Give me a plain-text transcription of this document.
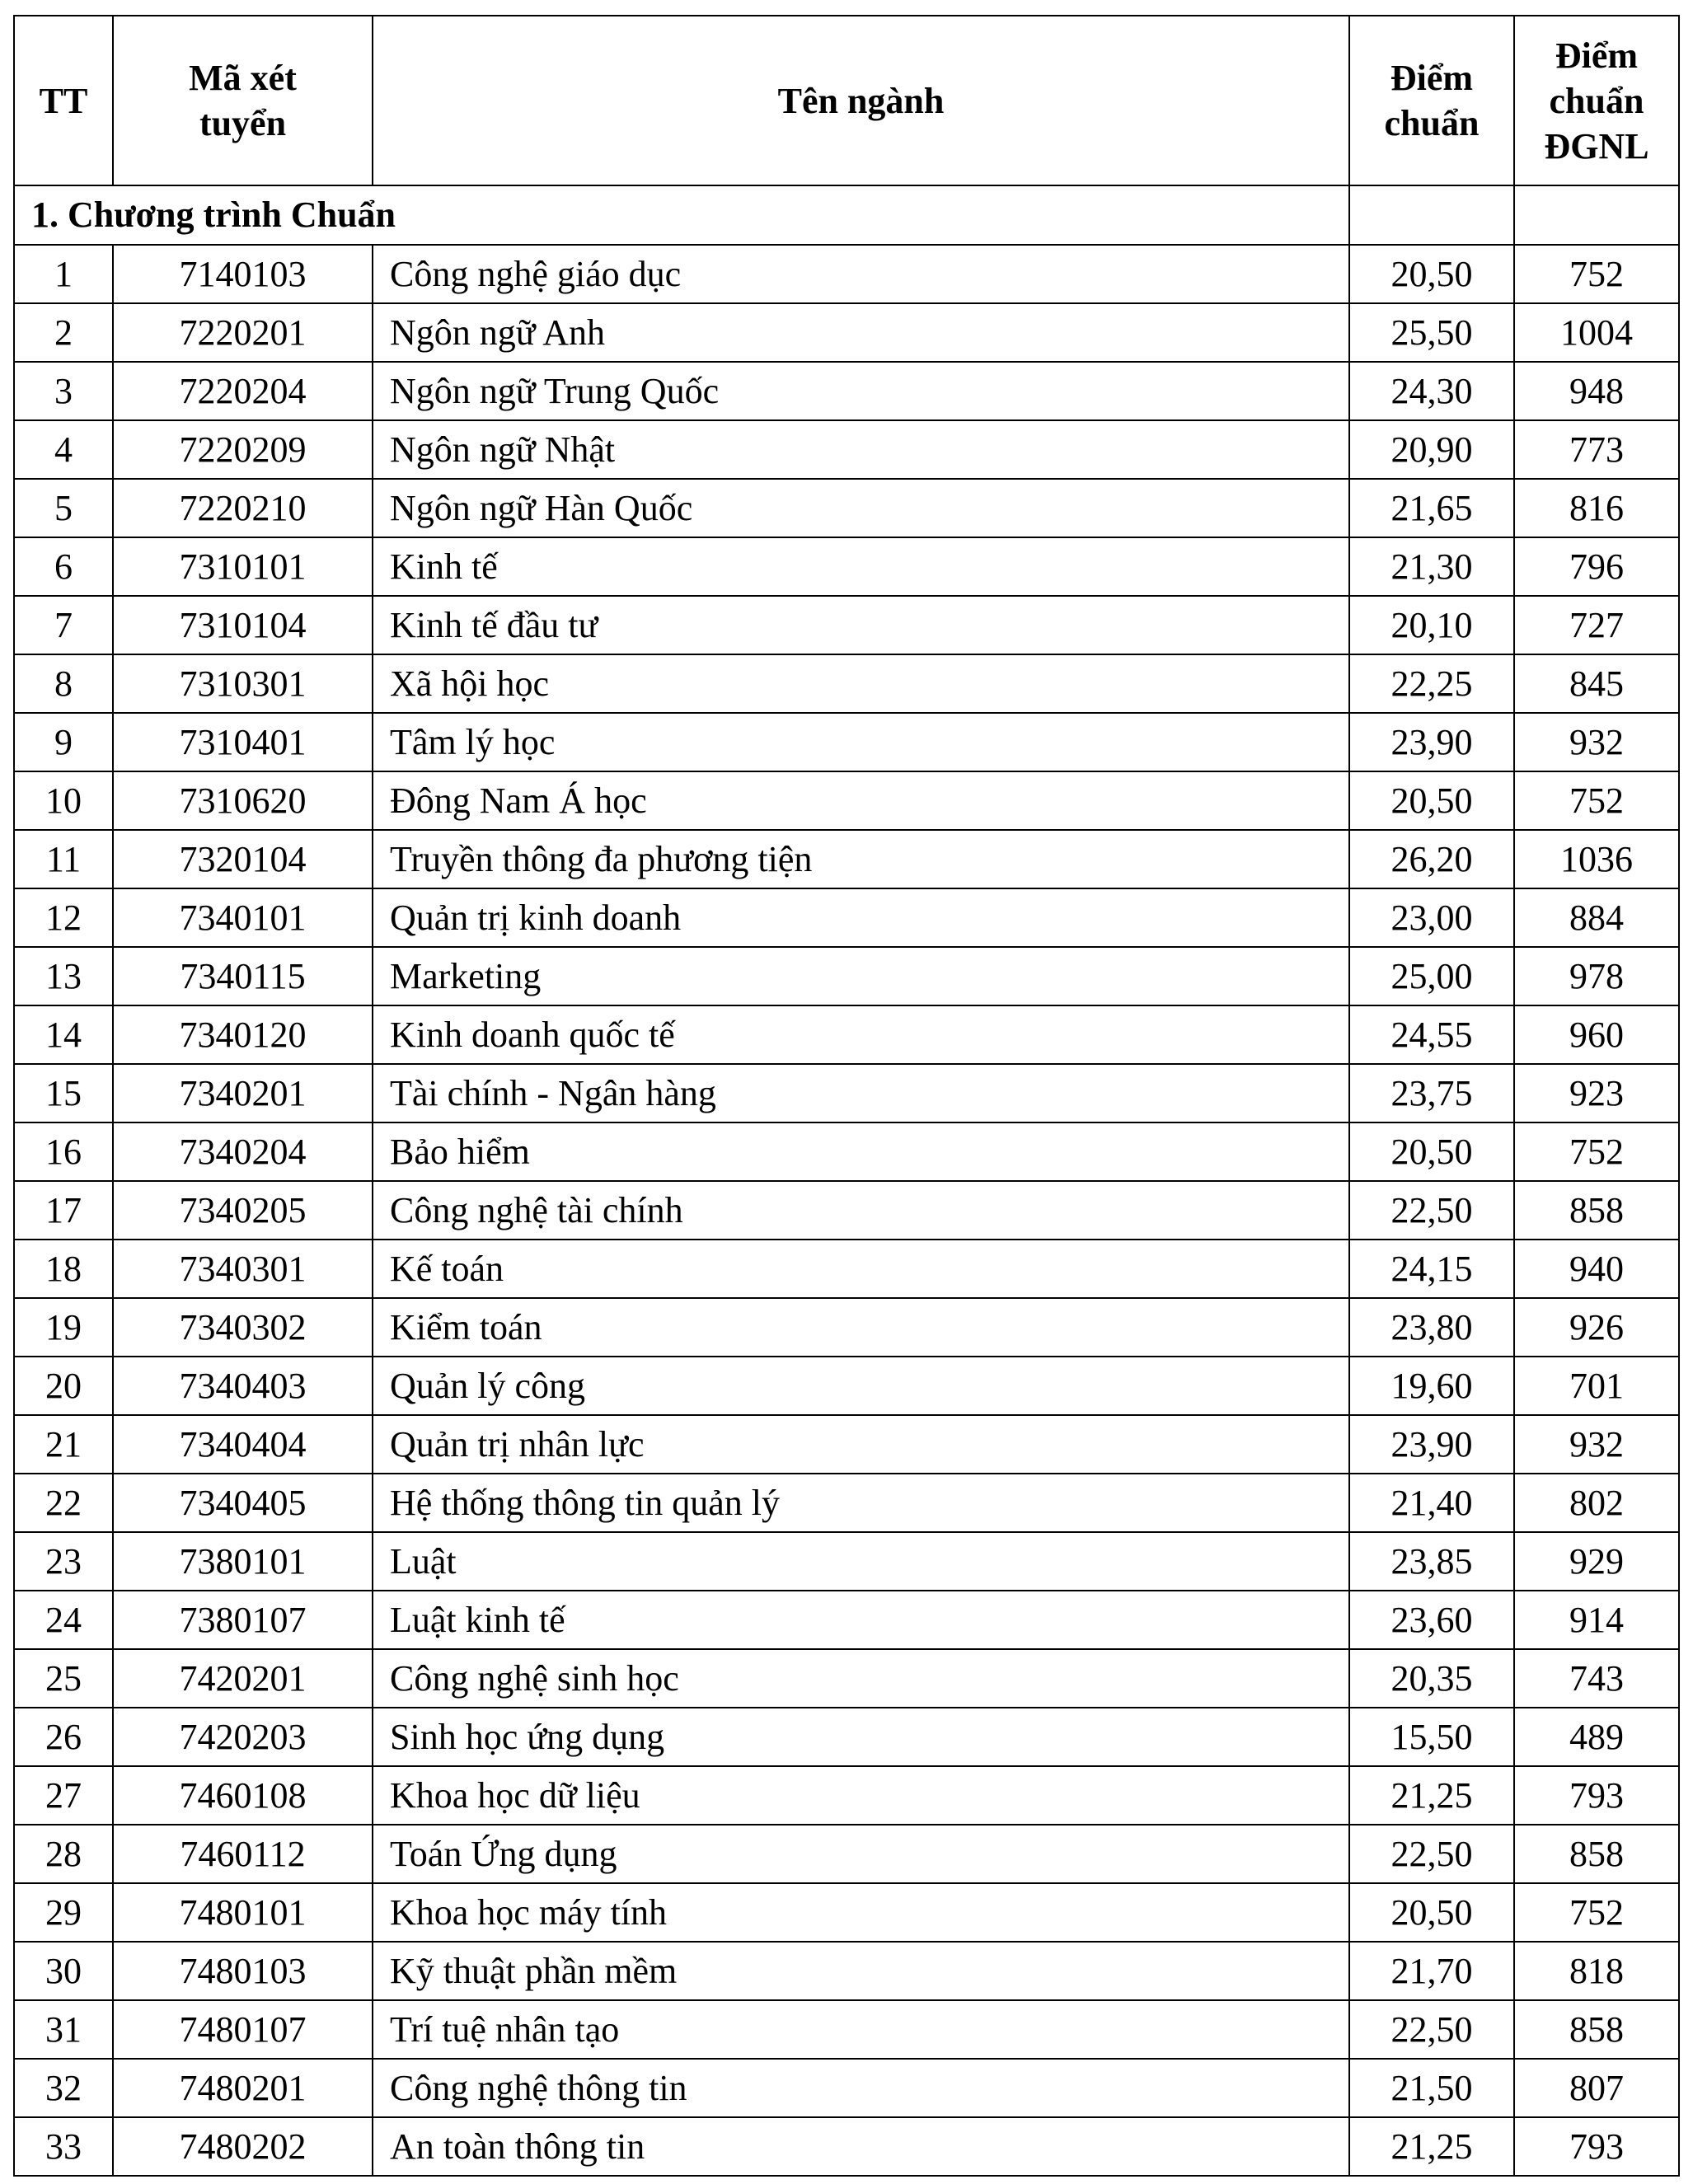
TT	Mã xét tuyển	Tên ngành	Điểm chuẩn	Điểm chuẩn ĐGNL
1. Chương trình Chuẩn				
1	7140103	Công nghệ giáo dục	20,50	752
2	7220201	Ngôn ngữ Anh	25,50	1004
3	7220204	Ngôn ngữ Trung Quốc	24,30	948
4	7220209	Ngôn ngữ Nhật	20,90	773
5	7220210	Ngôn ngữ Hàn Quốc	21,65	816
6	7310101	Kinh tế	21,30	796
7	7310104	Kinh tế đầu tư	20,10	727
8	7310301	Xã hội học	22,25	845
9	7310401	Tâm lý học	23,90	932
10	7310620	Đông Nam Á học	20,50	752
11	7320104	Truyền thông đa phương tiện	26,20	1036
12	7340101	Quản trị kinh doanh	23,00	884
13	7340115	Marketing	25,00	978
14	7340120	Kinh doanh quốc tế	24,55	960
15	7340201	Tài chính - Ngân hàng	23,75	923
16	7340204	Bảo hiểm	20,50	752
17	7340205	Công nghệ tài chính	22,50	858
18	7340301	Kế toán	24,15	940
19	7340302	Kiểm toán	23,80	926
20	7340403	Quản lý công	19,60	701
21	7340404	Quản trị nhân lực	23,90	932
22	7340405	Hệ thống thông tin quản lý	21,40	802
23	7380101	Luật	23,85	929
24	7380107	Luật kinh tế	23,60	914
25	7420201	Công nghệ sinh học	20,35	743
26	7420203	Sinh học ứng dụng	15,50	489
27	7460108	Khoa học dữ liệu	21,25	793
28	7460112	Toán Ứng dụng	22,50	858
29	7480101	Khoa học máy tính	20,50	752
30	7480103	Kỹ thuật phần mềm	21,70	818
31	7480107	Trí tuệ nhân tạo	22,50	858
32	7480201	Công nghệ thông tin	21,50	807
33	7480202	An toàn thông tin	21,25	793
